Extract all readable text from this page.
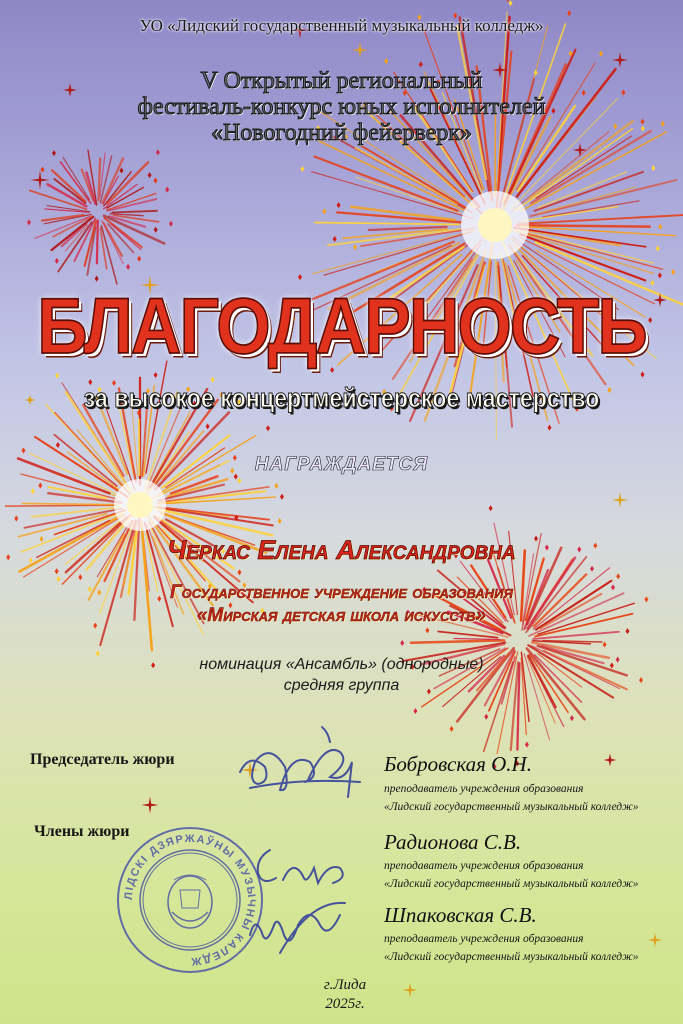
УО «Лидский государственный музыкальный колледж»
V Открытый региональный
фестиваль-конкурс юных исполнителей
«Новогодний фейерверк»
БЛАГОДАРНОСТЬ
за высокое концертмейстерское мастерство
НАГРАЖДАЕТСЯ
Черкас Елена Александровна
Государственное учреждение образования
«Мирская детская школа искусств»
номинация «Ансамбль» (однородные)
средняя группа
Председатель жюри
Члены жюри
ЛІДСКІ ДЗЯРЖАЎНЫ МУЗЫЧНЫ КАЛЕДЖ
Бобровская О.Н.
преподаватель учреждения образования
«Лидский государственный музыкальный колледж»
Радионова С.В.
преподаватель учреждения образования
«Лидский государственный музыкальный колледж»
Шпаковская С.В.
преподаватель учреждения образования
«Лидский государственный музыкальный колледж»
г.Лида
2025г.
